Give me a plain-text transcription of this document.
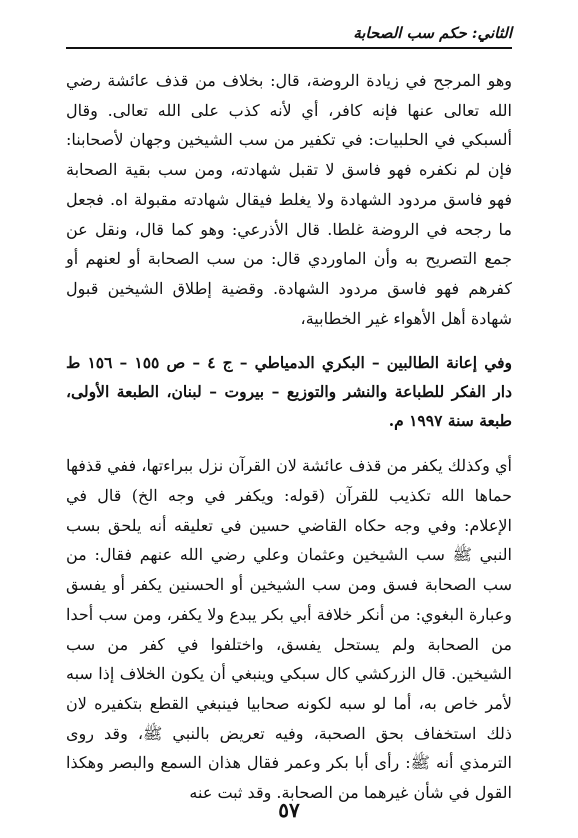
الثاني: حكم سب الصحابة

وهو المرجح في زيادة الروضة، قال: بخلاف من قذف عائشة رضي الله تعالى عنها فإنه كافر، أي لأنه كذب على الله تعالى. وقال ألسبكي في الحلبيات: في تكفير من سب الشيخين وجهان لأصحابنا: فإن لم نكفره فهو فاسق لا تقبل شهادته، ومن سب بقية الصحابة فهو فاسق مردود الشهادة ولا يغلط فيقال شهادته مقبولة اه. فجعل ما رجحه في الروضة غلطا. قال الأذرعي: وهو كما قال، ونقل عن جمع التصريح به وأن الماوردي قال: من سب الصحابة أو لعنهم أو كفرهم فهو فاسق مردود الشهادة. وقضية إطلاق الشيخين قبول شهادة أهل الأهواء غير الخطابية،

وفي إعانة الطالبين – البكري الدمياطي – ج ٤ – ص ١٥٥ – ١٥٦ ط دار الفكر للطباعة والنشر والتوزيع – بيروت – لبنان، الطبعة الأولى، طبعة سنة ١٩٩٧ م.

أي وكذلك يكفر من قذف عائشة لان القرآن نزل ببراءتها، ففي قذفها حماها الله تكذيب للقرآن (قوله: ويكفر في وجه الخ) قال في الإعلام: وفي وجه حكاه القاضي حسين في تعليقه أنه يلحق بسب النبي ﷺ سب الشيخين وعثمان وعلي رضي الله عنهم فقال: من سب الصحابة فسق ومن سب الشيخين أو الحسنين يكفر أو يفسق وعبارة البغوي: من أنكر خلافة أبي بكر يبدع ولا يكفر، ومن سب أحدا من الصحابة ولم يستحل يفسق، واختلفوا في كفر من سب الشيخين. قال الزركشي كال سبكي وينبغي أن يكون الخلاف إذا سبه لأمر خاص به، أما لو سبه لكونه صحابيا فينبغي القطع بتكفيره لان ذلك استخفاف بحق الصحبة، وفيه تعريض بالنبي ﷺ، وقد روى الترمذي أنه ﷺ: رأى أبا بكر وعمر فقال هذان السمع والبصر وهكذا القول في شأن غيرهما من الصحابة. وقد ثبت عنه

٥٧
